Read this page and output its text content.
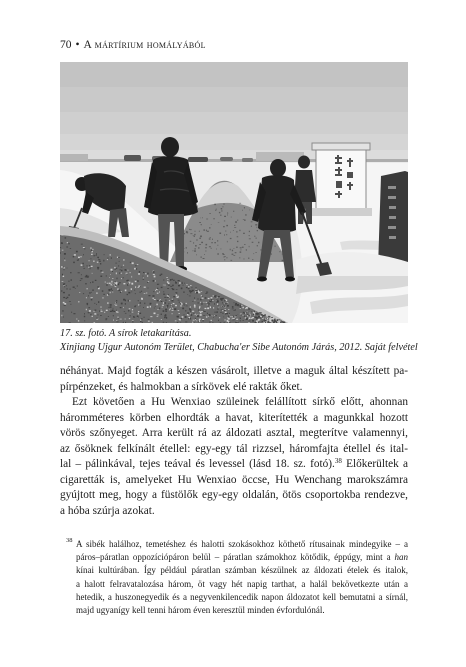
70 • A mártírium homályából
17. sz. fotó. A sírok letakarítása.
Xinjiang Ujgur Autonóm Terület, Chabucha'er Sibe Autonóm Járás, 2012. Saját felvétel
néhányat. Majd fogták a készen vásárolt, illetve a maguk által készített pa-
pírpénzeket, és halmokban a sírkövek elé rakták őket.
Ezt követően a Hu Wenxiao szüleinek felállított sírkő előtt, ahonnan
háromméteres körben elhordták a havat, kiterítették a magunkkal hozott
vörös szőnyeget. Arra került rá az áldozati asztal, megterítve valamennyi,
az ősöknek felkínált étellel: egy-egy tál rizzsel, háromfajta étellel és ital-
lal – pálinkával, tejes teával és levessel (lásd 18. sz. fotó).$^{38}$ Előkerültek a
cigaretták is, amelyeket Hu Wenxiao öccse, Hu Wenchang marokszámra
gyújtott meg, hogy a füstölők egy-egy oldalán, ötös csoportokba rendezve,
a hóba szúrja azokat.
38 A sibék halálhoz, temetéshez és halotti szokásokhoz köthető rítusainak mindegyike – a
páros–páratlan oppozíciópáron belül – páratlan számokhoz kötődik, éppúgy, mint a han
kínai kultúrában. Így például páratlan számban készülnek az áldozati ételek és italok,
a halott felravatalozása három, öt vagy hét napig tarthat, a halál bekövetkezte után a
hetedik, a huszonegyedik és a negyvenkilencedik napon áldozatot kell bemutatni a sírnál,
majd ugyanígy kell tenni három éven keresztül minden évfordulónál.
